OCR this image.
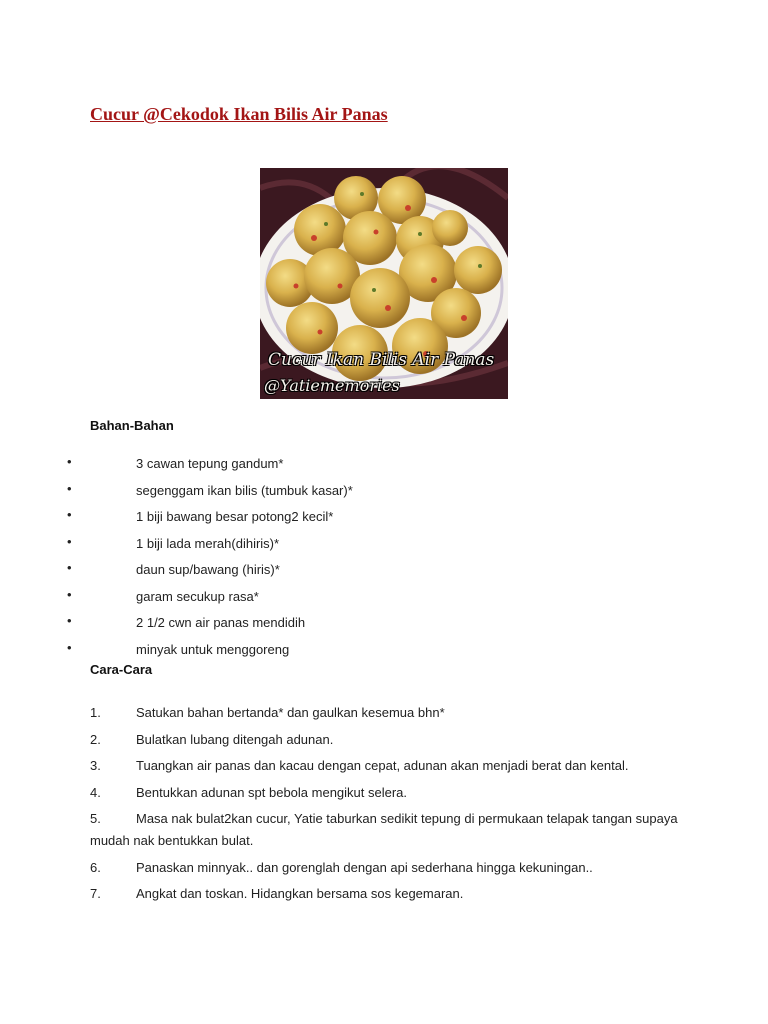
Cucur @Cekodok Ikan Bilis Air Panas
Cucur Ikan Bilis Air Panas
@Yatiememories
Bahan-Bahan
•	3 cawan tepung gandum*
•	segenggam ikan bilis (tumbuk kasar)*
•	1 biji bawang besar potong2 kecil*
•	1 biji lada merah(dihiris)*
•	daun sup/bawang (hiris)*
•	garam secukup rasa*
•	2 1/2 cwn air panas mendidih
•	minyak untuk menggoreng
Cara-Cara
1.	Satukan bahan bertanda* dan gaulkan kesemua bhn*
2.	Bulatkan lubang ditengah adunan.
3.	Tuangkan air panas dan kacau dengan cepat, adunan akan menjadi berat dan kental.
4.	Bentukkan adunan spt bebola mengikut selera.
5.	Masa nak bulat2kan cucur, Yatie taburkan sedikit tepung di permukaan telapak tangan supaya mudah nak bentukkan bulat.
6.	Panaskan minnyak.. dan gorenglah dengan api sederhana hingga kekuningan..
7.	Angkat dan toskan. Hidangkan bersama sos kegemaran.
